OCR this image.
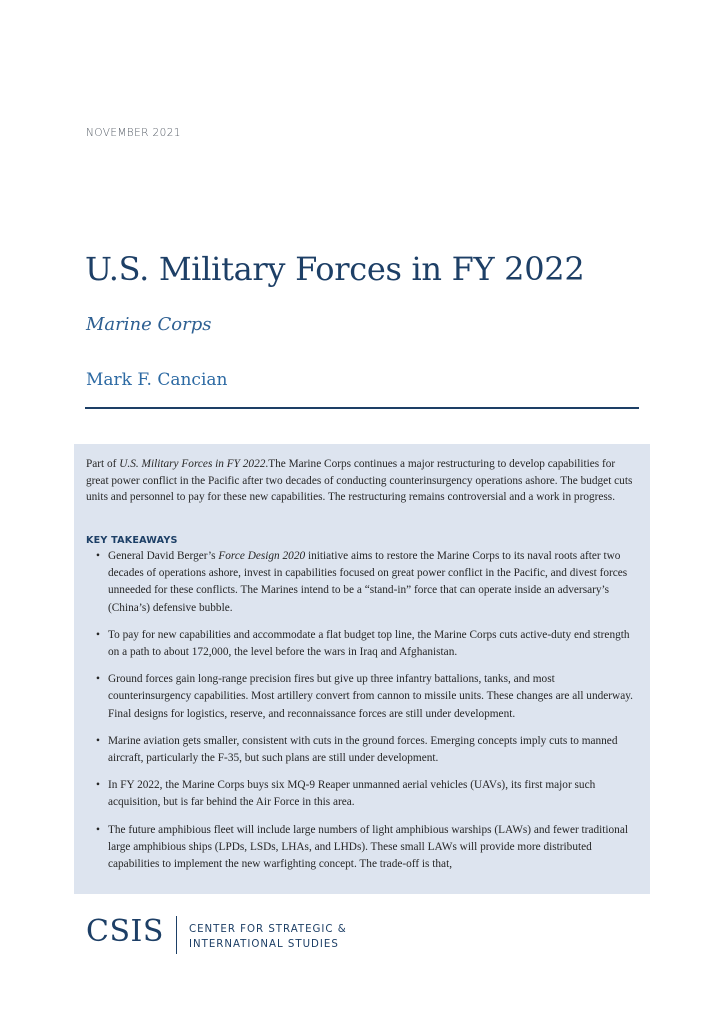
NOVEMBER 2021
U.S. Military Forces in FY 2022
Marine Corps
Mark F. Cancian

Part of U.S. Military Forces in FY 2022.The Marine Corps continues a major restructuring to develop capabilities for great power conflict in the Pacific after two decades of conducting counterinsurgency operations ashore. The budget cuts units and personnel to pay for these new capabilities. The restructuring remains controversial and a work in progress.

KEY TAKEAWAYS
• General David Berger’s Force Design 2020 initiative aims to restore the Marine Corps to its naval roots after two decades of operations ashore, invest in capabilities focused on great power conflict in the Pacific, and divest forces unneeded for these conflicts. The Marines intend to be a “stand-in” force that can operate inside an adversary’s (China’s) defensive bubble.
• To pay for new capabilities and accommodate a flat budget top line, the Marine Corps cuts active-duty end strength on a path to about 172,000, the level before the wars in Iraq and Afghanistan.
• Ground forces gain long-range precision fires but give up three infantry battalions, tanks, and most counterinsurgency capabilities. Most artillery convert from cannon to missile units. These changes are all underway. Final designs for logistics, reserve, and reconnaissance forces are still under development.
• Marine aviation gets smaller, consistent with cuts in the ground forces. Emerging concepts imply cuts to manned aircraft, particularly the F-35, but such plans are still under development.
• In FY 2022, the Marine Corps buys six MQ-9 Reaper unmanned aerial vehicles (UAVs), its first major such acquisition, but is far behind the Air Force in this area.
• The future amphibious fleet will include large numbers of light amphibious warships (LAWs) and fewer traditional large amphibious ships (LPDs, LSDs, LHAs, and LHDs). These small LAWs will provide more distributed capabilities to implement the new warfighting concept. The trade-off is that,
CSIS CENTER FOR STRATEGIC &
INTERNATIONAL STUDIES
